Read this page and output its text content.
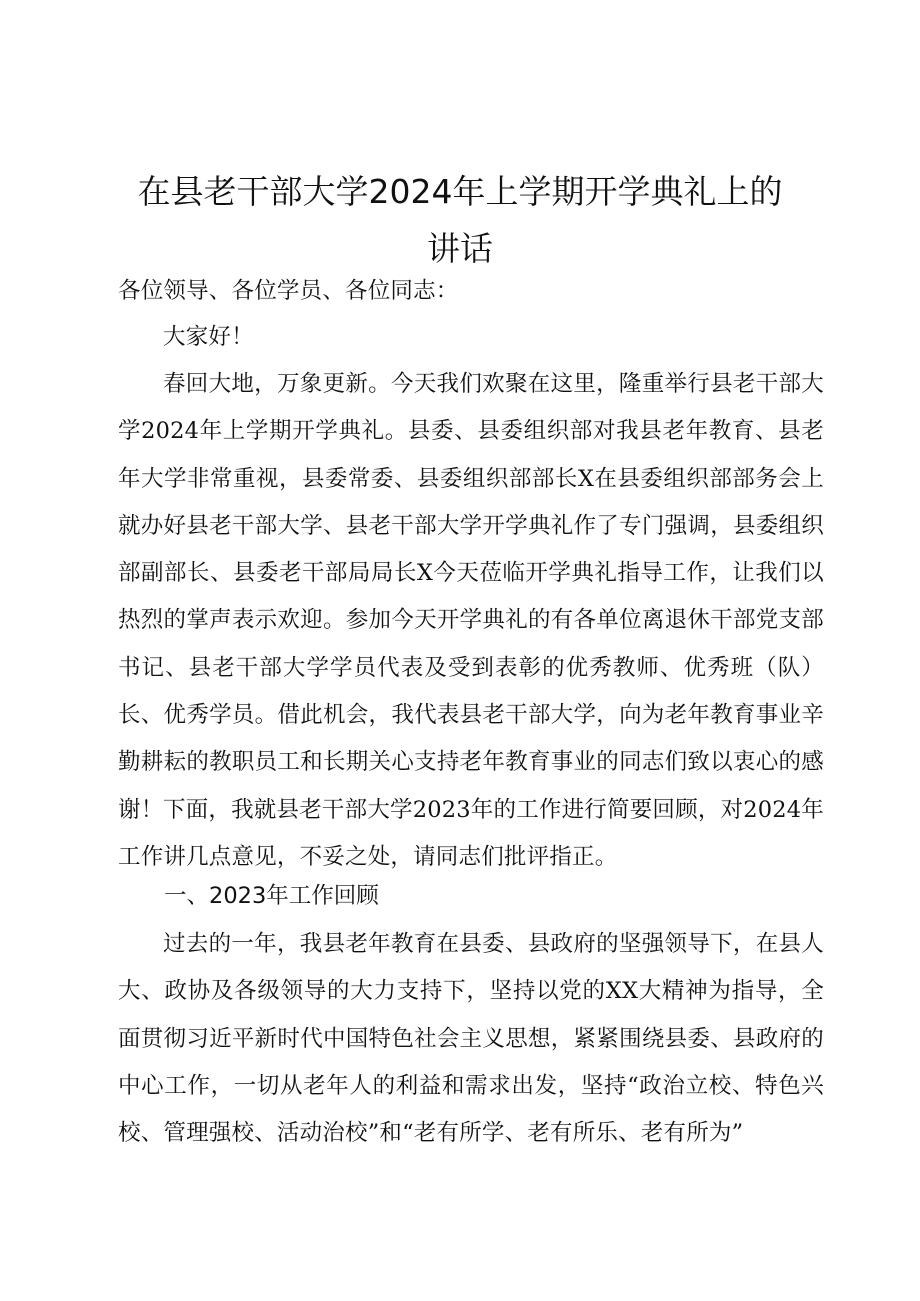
在县老干部大学2024年上学期开学典礼上的
讲话
各位领导、各位学员、各位同志：
大家好！
春回大地，万象更新。今天我们欢聚在这里，隆重举行县老干部大学2024年上学期开学典礼。县委、县委组织部对我县老年教育、县老年大学非常重视，县委常委、县委组织部部长X在县委组织部部务会上就办好县老干部大学、县老干部大学开学典礼作了专门强调，县委组织部副部长、县委老干部局局长X今天莅临开学典礼指导工作，让我们以热烈的掌声表示欢迎。参加今天开学典礼的有各单位离退休干部党支部书记、县老干部大学学员代表及受到表彰的优秀教师、优秀班（队）长、优秀学员。借此机会，我代表县老干部大学，向为老年教育事业辛勤耕耘的教职员工和长期关心支持老年教育事业的同志们致以衷心的感谢！ 下面，我就县老干部大学2023年的工作进行简要回顾，对2024年工作讲几点意见，不妥之处，请同志们批评指正。
一、2023年工作回顾
过去的一年，我县老年教育在县委、县政府的坚强领导下，在县人大、政协及各级领导的大力支持下，坚持以党的XX大精神为指导，全面贯彻习近平新时代中国特色社会主义思想，紧紧围绕县委、县政府的中心工作，一切从老年人的利益和需求出发，坚持“政治立校、特色兴校、管理强校、活动治校”和“老有所学、老有所乐、老有所为”
